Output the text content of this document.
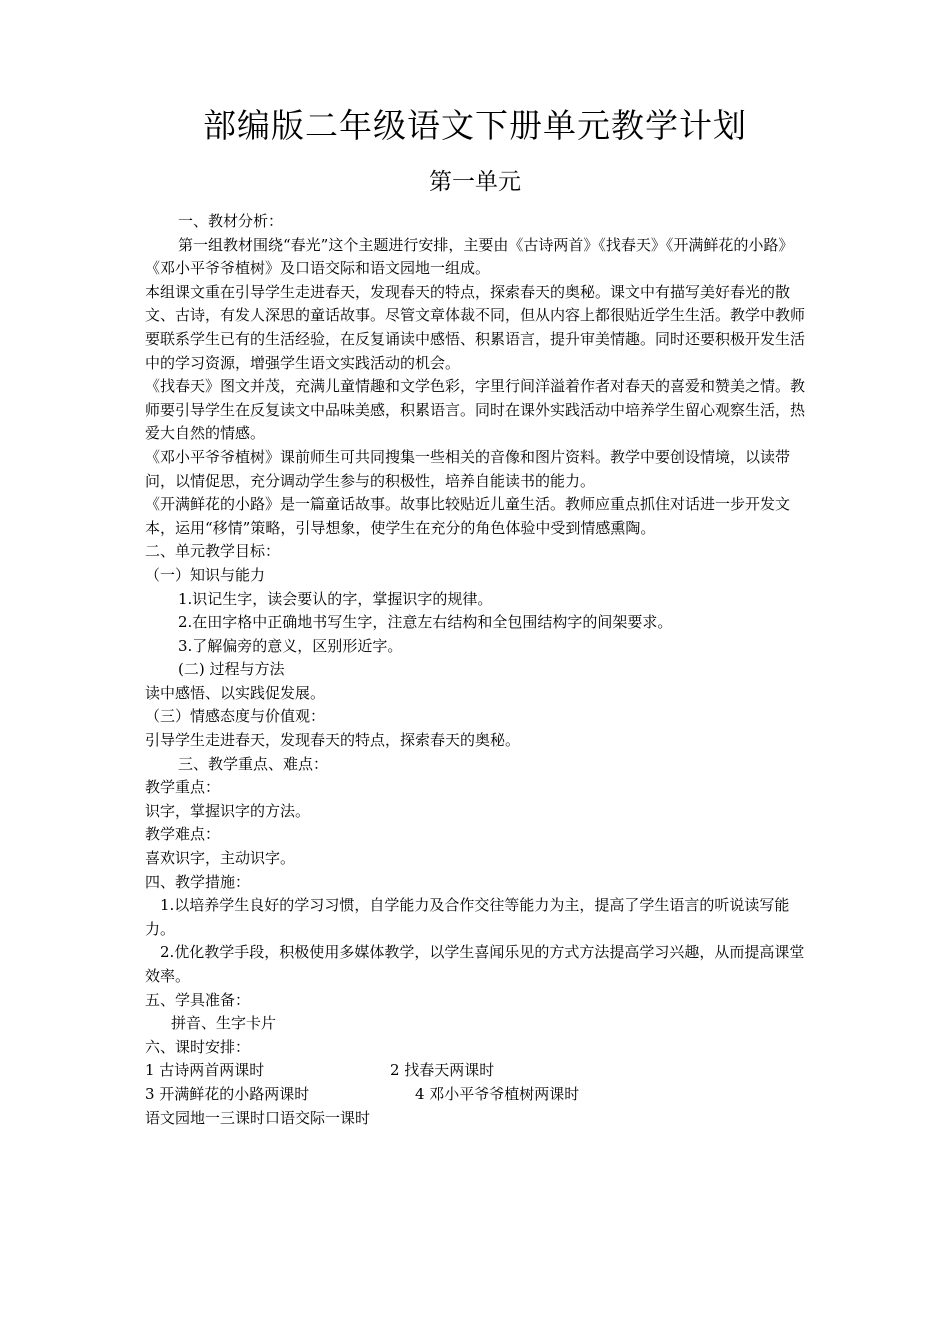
部编版二年级语文下册单元教学计划
第一单元

一、教材分析：

第一组教材围绕“春光”这个主题进行安排，主要由《古诗两首》《找春天》《开满鲜花的小路》《邓小平爷爷植树》及口语交际和语文园地一组成。

本组课文重在引导学生走进春天，发现春天的特点，探索春天的奥秘。课文中有描写美好春光的散文、古诗，有发人深思的童话故事。尽管文章体裁不同，但从内容上都很贴近学生生活。教学中教师要联系学生已有的生活经验，在反复诵读中感悟、积累语言，提升审美情趣。同时还要积极开发生活中的学习资源，增强学生语文实践活动的机会。

《找春天》图文并茂，充满儿童情趣和文学色彩，字里行间洋溢着作者对春天的喜爱和赞美之情。教师要引导学生在反复读文中品味美感，积累语言。同时在课外实践活动中培养学生留心观察生活，热爱大自然的情感。

《邓小平爷爷植树》课前师生可共同搜集一些相关的音像和图片资料。教学中要创设情境，以读带问，以情促思，充分调动学生参与的积极性，培养自能读书的能力。

《开满鲜花的小路》是一篇童话故事。故事比较贴近儿童生活。教师应重点抓住对话进一步开发文本，运用“移情”策略，引导想象，使学生在充分的角色体验中受到情感熏陶。

二、单元教学目标：

（一）知识与能力

1.识记生字，读会要认的字，掌握识字的规律。

2.在田字格中正确地书写生字，注意左右结构和全包围结构字的间架要求。

3.了解偏旁的意义，区别形近字。

(二) 过程与方法

读中感悟、以实践促发展。

（三）情感态度与价值观：

引导学生走进春天，发现春天的特点，探索春天的奥秘。

三、教学重点、难点：

教学重点：

识字，掌握识字的方法。

教学难点：

喜欢识字，主动识字。

四、教学措施：

1.以培养学生良好的学习习惯，自学能力及合作交往等能力为主，提高了学生语言的听说读写能力。

2.优化教学手段，积极使用多媒体教学，以学生喜闻乐见的方式方法提高学习兴趣，从而提高课堂效率。

五、学具准备：

拼音、生字卡片

六、课时安排：

1 古诗两首两课时	2 找春天两课时

3 开满鲜花的小路两课时	4 邓小平爷爷植树两课时

语文园地一三课时口语交际一课时
